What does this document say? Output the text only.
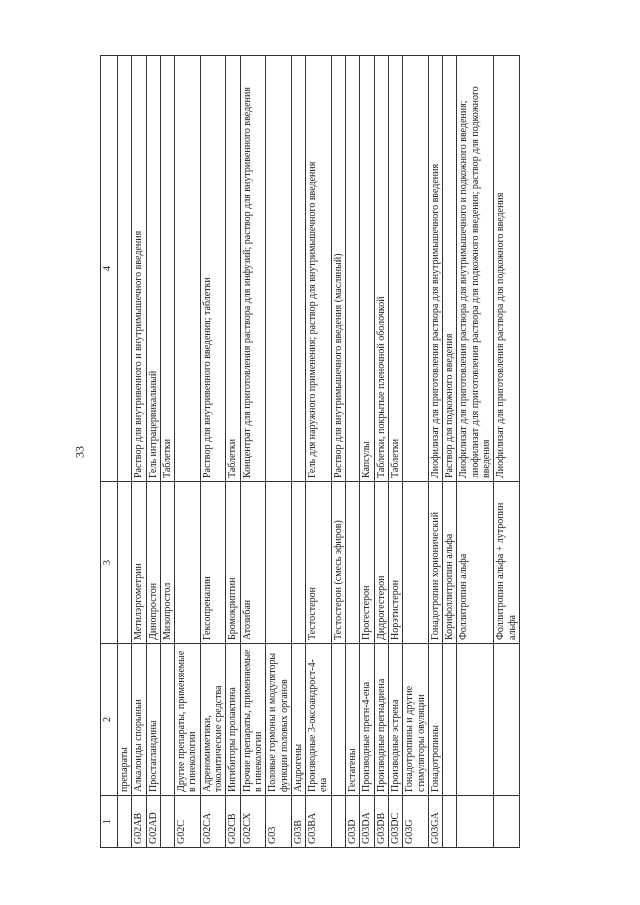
33
1	2	3	4
	препараты		
G02AB	Алкалоиды спорыньи	Метилэргометрин	Раствор для внутривенного и внутримышечного введения
G02AD	Простагландины	Динопростон	Гель интрацервикальный
		Мизопростол	Таблетки
G02C	Другие препараты, применяемые в гинекологии		
G02CA	Адреномиметики, токолитические средства	Гексопреналин	Раствор для внутривенного введения; таблетки
G02CB	Ингибиторы пролактина	Бромокриптин	Таблетки
G02CX	Прочие препараты, применяемые в гинекологии	Атозибан	Концентрат для приготовления раствора для инфузий; раствор для внутривенного введения
G03	Половые гормоны и модуляторы функции половых органов		
G03B	Андрогены		
G03BA	Производные 3-оксоандрост-4-ена	Тестостерон	Гель для наружного применения; раствор для внутримышечного введения
		Тестостерон (смесь эфиров)	Раствор для внутримышечного введения (масляный)
G03D	Гестагены		
G03DA	Производные прегн-4-ена	Прогестерон	Капсулы
G03DB	Производные прегнадиена	Дидрогестерон	Таблетки, покрытые пленочной оболочкой
G03DC	Производные эстрена	Норэтистерон	Таблетки
G03G	Гонадотропины и другие стимуляторы овуляции		
G03GA	Гонадотропины	Гонадотропин хорионический	Лиофилизат для приготовления раствора для внутримышечного введения
		Корифоллитропин альфа	Раствор для подкожного введения
		Фоллитропин альфа	Лиофилизат для приготовления раствора для внутримышечного и подкожного введения; лиофилизат для приготовления раствора для подкожного введения; раствор для подкожного введения
		Фоллитропин альфа + лутропин альфа	Лиофилизат для приготовления раствора для подкожного введения
